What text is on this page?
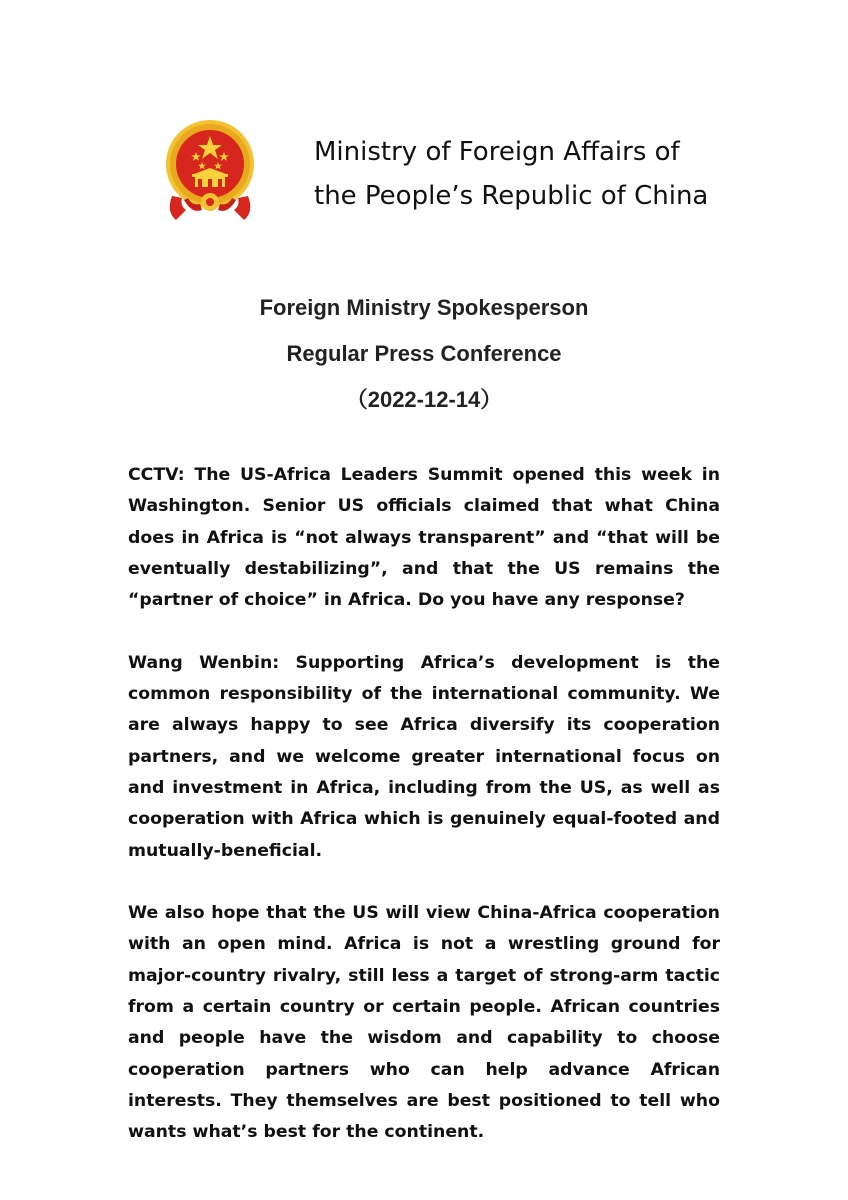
Ministry of Foreign Affairs of
the People’s Republic of China
Foreign Ministry Spokesperson
Regular Press Conference
（2022-12-14）

CCTV: The US-Africa Leaders Summit opened this week in Washington. Senior US officials claimed that what China does in Africa is “not always transparent” and “that will be eventually destabilizing”, and that the US remains the “partner of choice” in Africa. Do you have any response?

Wang Wenbin: Supporting Africa’s development is the common responsibility of the international community. We are always happy to see Africa diversify its cooperation partners, and we welcome greater international focus on and investment in Africa, including from the US, as well as cooperation with Africa which is genuinely equal-footed and mutually-beneficial.

We also hope that the US will view China-Africa cooperation with an open mind. Africa is not a wrestling ground for major-country rivalry, still less a target of strong-arm tactic from a certain country or certain people. African countries and people have the wisdom and capability to choose cooperation partners who can help advance African interests. They themselves are best positioned to tell who wants what’s best for the continent.
